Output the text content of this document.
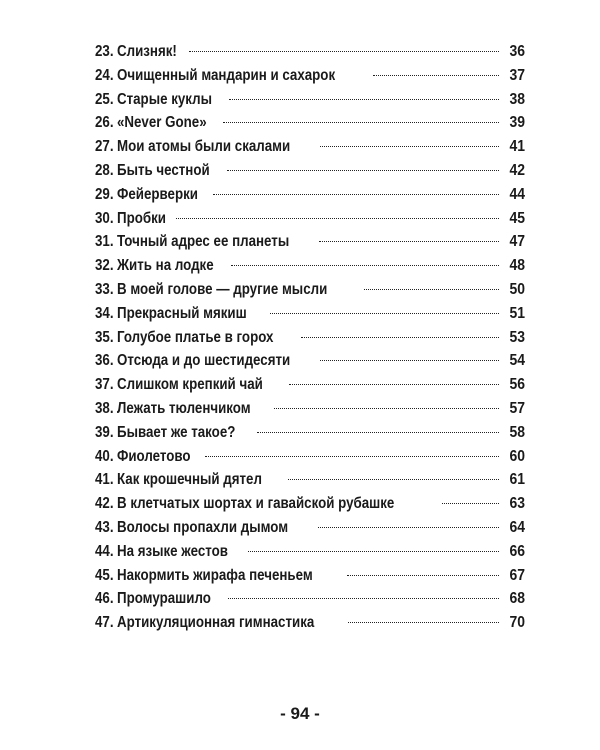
23. Слизняк!	36
24. Очищенный мандарин и сахарок	37
25. Старые куклы	38
26. «Never Gone»	39
27. Мои атомы были скалами	41
28. Быть честной	42
29. Фейерверки	44
30. Пробки	45
31. Точный адрес ее планеты	47
32. Жить на лодке	48
33. В моей голове — другие мысли	50
34. Прекрасный мякиш	51
35. Голубое платье в горох	53
36. Отсюда и до шестидесяти	54
37. Слишком крепкий чай	56
38. Лежать тюленчиком	57
39. Бывает же такое?	58
40. Фиолетово	60
41. Как крошечный дятел	61
42. В клетчатых шортах и гавайской рубашке	63
43. Волосы пропахли дымом	64
44. На языке жестов	66
45. Накормить жирафа печеньем	67
46. Промурашило	68
47. Артикуляционная гимнастика	70
- 94 -
